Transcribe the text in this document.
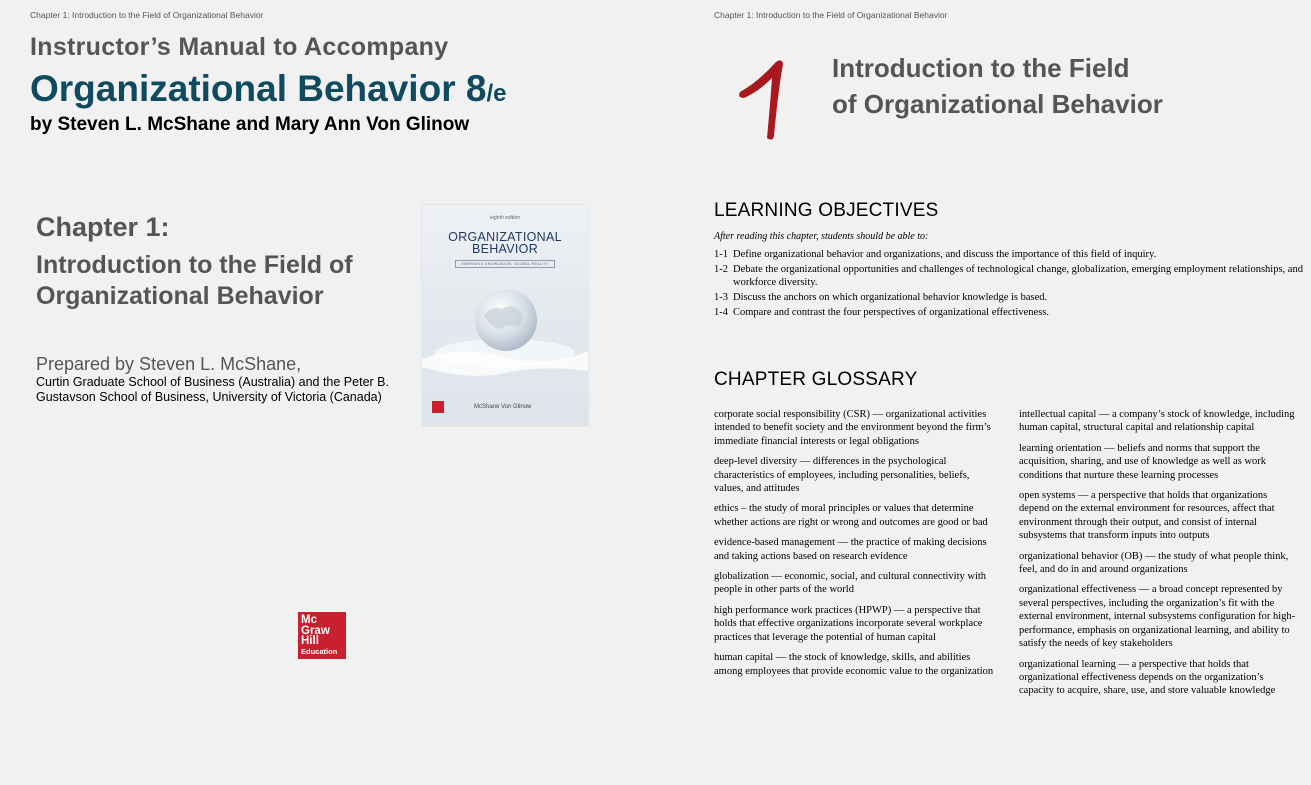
Chapter 1: Introduction to the Field of Organizational Behavior
Instructor’s Manual to Accompany
Organizational Behavior 8/e
by Steven L. McShane and Mary Ann Von Glinow
Chapter 1:
Introduction to the Field of Organizational Behavior
Prepared by Steven L. McShane,
Curtin Graduate School of Business (Australia) and the Peter B. Gustavson School of Business, University of Victoria (Canada)
eighth edition
ORGANIZATIONAL
BEHAVIOR
EMERGING KNOWLEDGE. GLOBAL REALITY
McShane Von Glinow
Mc
Graw
Hill
Education
Chapter 1: Introduction to the Field of Organizational Behavior
Introduction to the Field
of Organizational Behavior
LEARNING OBJECTIVES
After reading this chapter, students should be able to:
1-1 Define organizational behavior and organizations, and discuss the importance of this field of inquiry.
1-2 Debate the organizational opportunities and challenges of technological change, globalization, emerging employment relationships, and workforce diversity.
1-3 Discuss the anchors on which organizational behavior knowledge is based.
1-4 Compare and contrast the four perspectives of organizational effectiveness.
CHAPTER GLOSSARY
corporate social responsibility (CSR) — organizational activities intended to benefit society and the environment beyond the firm’s immediate financial interests or legal obligations
deep-level diversity — differences in the psychological characteristics of employees, including personalities, beliefs, values, and attitudes
ethics – the study of moral principles or values that determine whether actions are right or wrong and outcomes are good or bad
evidence-based management — the practice of making decisions and taking actions based on research evidence
globalization — economic, social, and cultural connectivity with people in other parts of the world
high performance work practices (HPWP) — a perspective that holds that effective organizations incorporate several workplace practices that leverage the potential of human capital
human capital — the stock of knowledge, skills, and abilities among employees that provide economic value to the organization
intellectual capital — a company’s stock of knowledge, including human capital, structural capital and relationship capital
learning orientation — beliefs and norms that support the acquisition, sharing, and use of knowledge as well as work conditions that nurture these learning processes
open systems — a perspective that holds that organizations depend on the external environment for resources, affect that environment through their output, and consist of internal subsystems that transform inputs into outputs
organizational behavior (OB) — the study of what people think, feel, and do in and around organizations
organizational effectiveness — a broad concept represented by several perspectives, including the organization’s fit with the external environment, internal subsystems configuration for high-performance, emphasis on organizational learning, and ability to satisfy the needs of key stakeholders
organizational learning — a perspective that holds that organizational effectiveness depends on the organization’s capacity to acquire, share, use, and store valuable knowledge
